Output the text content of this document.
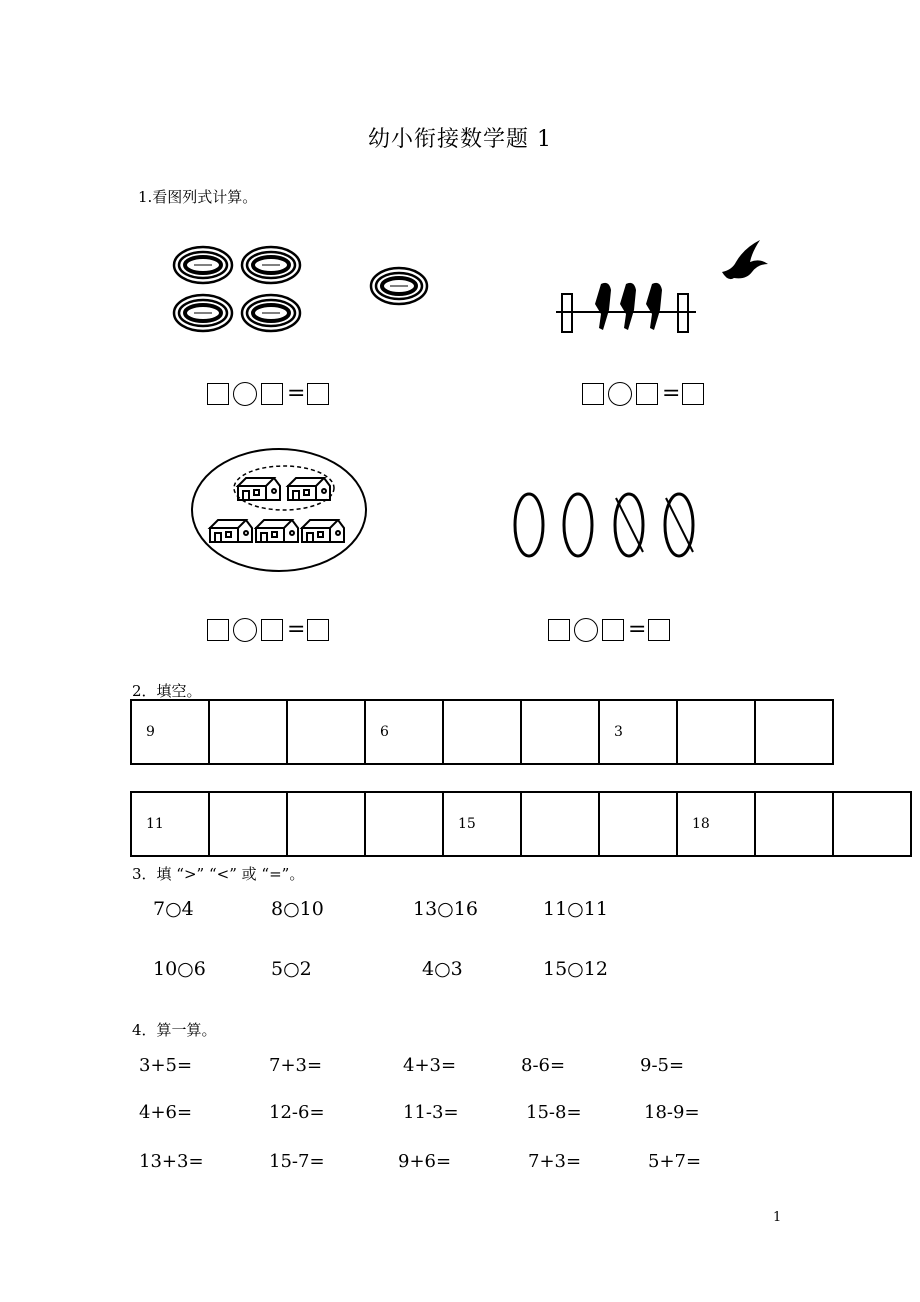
幼小衔接数学题 1
1.看图列式计算。
=	=
=	=
2．填空。
9			6			3		
11				15			18		
3．填 “>” “<” 或 “=”。
7○4	8○10	13○16	11○11
10○6	5○2	4○3	15○12
4．算一算。
3+5=	7+3=	4+3=	8-6=	9-5=
4+6=	12-6=	11-3=	15-8=	18-9=
13+3=	15-7=	9+6=	7+3=	5+7=
1
